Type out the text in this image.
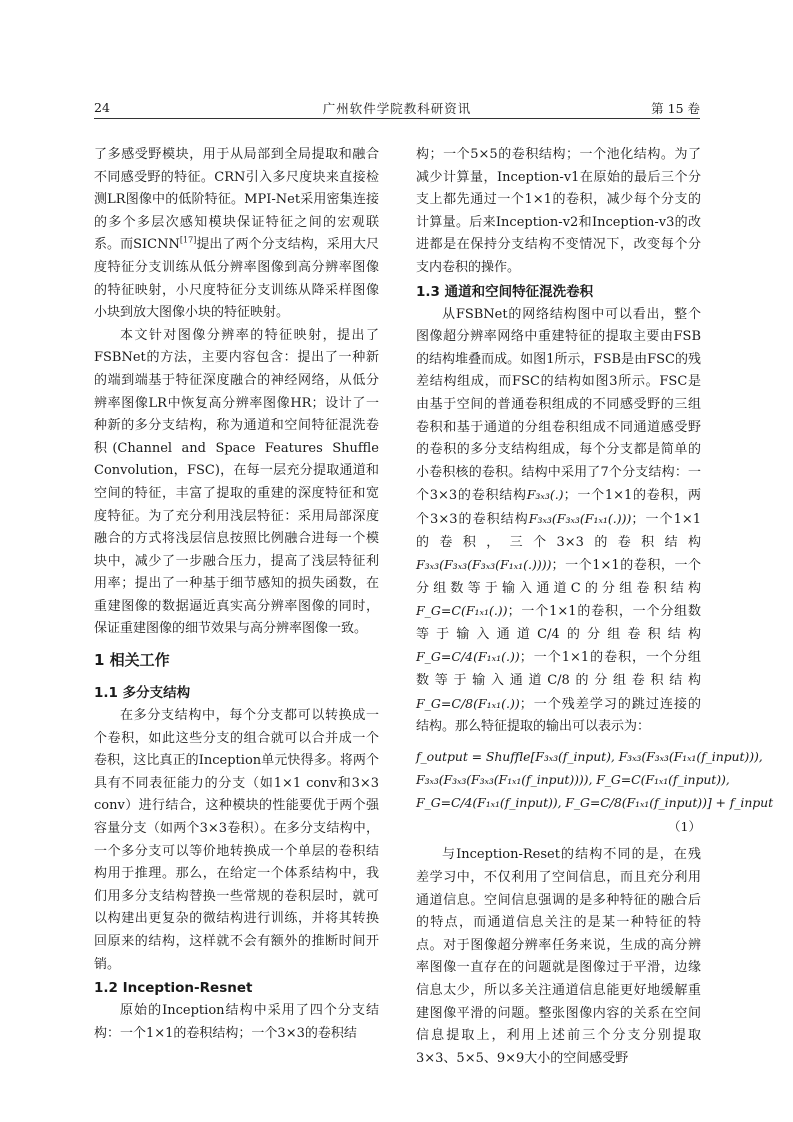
24	广州软件学院教科研资讯	第 15 卷

了多感受野模块，用于从局部到全局提取和融合不同感受野的特征。CRN引入多尺度块来直接检测LR图像中的低阶特征。MPI-Net采用密集连接的多个多层次感知模块保证特征之间的宏观联系。而SICNN[17]提出了两个分支结构，采用大尺度特征分支训练从低分辨率图像到高分辨率图像的特征映射，小尺度特征分支训练从降采样图像小块到放大图像小块的特征映射。

本文针对图像分辨率的特征映射，提出了FSBNet的方法，主要内容包含：提出了一种新的端到端基于特征深度融合的神经网络，从低分辨率图像LR中恢复高分辨率图像HR；设计了一种新的多分支结构，称为通道和空间特征混洗卷积(Channel and Space Features Shuffle Convolution，FSC)，在每一层充分提取通道和空间的特征，丰富了提取的重建的深度特征和宽度特征。为了充分利用浅层特征：采用局部深度融合的方式将浅层信息按照比例融合进每一个模块中，减少了一步融合压力，提高了浅层特征利用率；提出了一种基于细节感知的损失函数，在重建图像的数据逼近真实高分辨率图像的同时，保证重建图像的细节效果与高分辨率图像一致。

1 相关工作
1.1 多分支结构

在多分支结构中，每个分支都可以转换成一个卷积，如此这些分支的组合就可以合并成一个卷积，这比真正的Inception单元快得多。将两个具有不同表征能力的分支（如1×1 conv和3×3 conv）进行结合，这种模块的性能要优于两个强容量分支（如两个3×3卷积）。在多分支结构中，一个多分支可以等价地转换成一个单层的卷积结构用于推理。那么，在给定一个体系结构中，我们用多分支结构替换一些常规的卷积层时，就可以构建出更复杂的微结构进行训练，并将其转换回原来的结构，这样就不会有额外的推断时间开销。

1.2 Inception-Resnet

原始的Inception结构中采用了四个分支结构：一个1×1的卷积结构；一个3×3的卷积结

构；一个5×5的卷积结构；一个池化结构。为了减少计算量，Inception-v1在原始的最后三个分支上都先通过一个1×1的卷积，减少每个分支的计算量。后来Inception-v2和Inception-v3的改进都是在保持分支结构不变情况下，改变每个分支内卷积的操作。

1.3 通道和空间特征混洗卷积

从FSBNet的网络结构图中可以看出，整个图像超分辨率网络中重建特征的提取主要由FSB的结构堆叠而成。如图1所示，FSB是由FSC的残差结构组成，而FSC的结构如图3所示。FSC是由基于空间的普通卷积组成的不同感受野的三组卷积和基于通道的分组卷积组成不同通道感受野的卷积的多分支结构组成，每个分支都是简单的小卷积核的卷积。结构中采用了7个分支结构：一个3×3的卷积结构F₃ₓ₃(.)；一个1×1的卷积，两个3×3的卷积结构F₃ₓ₃(F₃ₓ₃(F₁ₓ₁(.)))；一个1×1的卷积，三个3×3的卷积结构F₃ₓ₃(F₃ₓ₃(F₃ₓ₃(F₁ₓ₁(.))))；一个1×1的卷积，一个分组数等于输入通道C的分组卷积结构F_G=C(F₁ₓ₁(.))；一个1×1的卷积，一个分组数等于输入通道C/4的分组卷积结构F_G=C/4(F₁ₓ₁(.))；一个1×1的卷积，一个分组数等于输入通道C/8的分组卷积结构F_G=C/8(F₁ₓ₁(.))；一个残差学习的跳过连接的结构。那么特征提取的输出可以表示为：

f_output = Shuffle[F₃ₓ₃(f_input), F₃ₓ₃(F₃ₓ₃(F₁ₓ₁(f_input))),
F₃ₓ₃(F₃ₓ₃(F₃ₓ₃(F₁ₓ₁(f_input)))), F_G=C(F₁ₓ₁(f_input)),
F_G=C/4(F₁ₓ₁(f_input)), F_G=C/8(F₁ₓ₁(f_input))] + f_input
（1）

与Inception-Reset的结构不同的是，在残差学习中，不仅利用了空间信息，而且充分利用通道信息。空间信息强调的是多种特征的融合后的特点，而通道信息关注的是某一种特征的特点。对于图像超分辨率任务来说，生成的高分辨率图像一直存在的问题就是图像过于平滑，边缘信息太少，所以多关注通道信息能更好地缓解重建图像平滑的问题。整张图像内容的关系在空间信息提取上，利用上述前三个分支分别提取3×3、5×5、9×9大小的空间感受野
